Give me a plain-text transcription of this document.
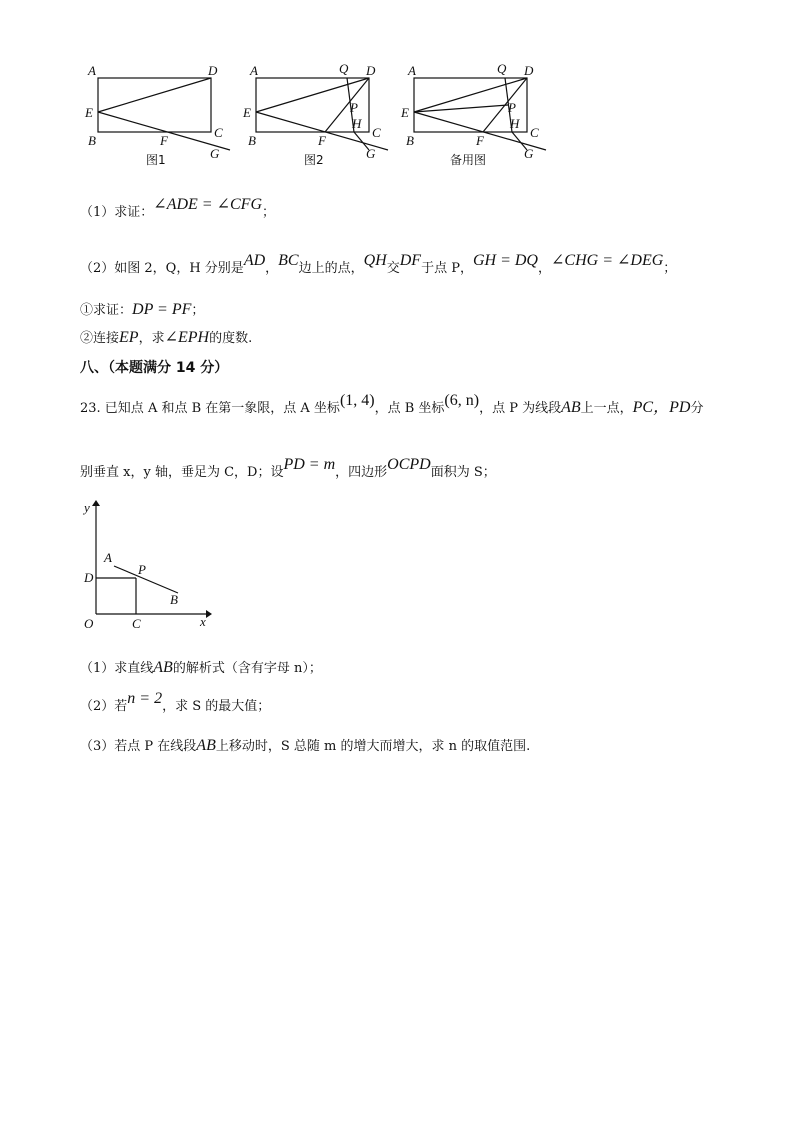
A	D
E
B	F
C
G
图1
A	Q D
E	P
H
B	F
C
G
图2
A	Q D
E	P
H
B	F
C
G
备用图
（1）求证：∠ADE = ∠CFG；
（2）如图 2，Q，H 分别是AD，BC边上的点，QH交DF于点 P，GH = DQ，∠CHG = ∠DEG；
①求证：DP = PF；
②连接EP，求∠EPH的度数.
八、（本题满分 14 分）
23. 已知点 A 和点 B 在第一象限，点 A 坐标(1, 4)，点 B 坐标(6, n)，点 P 为线段AB上一点，PC，PD分
别垂直 x，y 轴，垂足为 C，D；设PD = m，四边形OCPD面积为 S；
y
x
O
A
P
B
C
D
（1）求直线AB的解析式（含有字母 n）；
（2）若n = 2，求 S 的最大值；
（3）若点 P 在线段AB上移动时，S 总随 m 的增大而增大，求 n 的取值范围.
